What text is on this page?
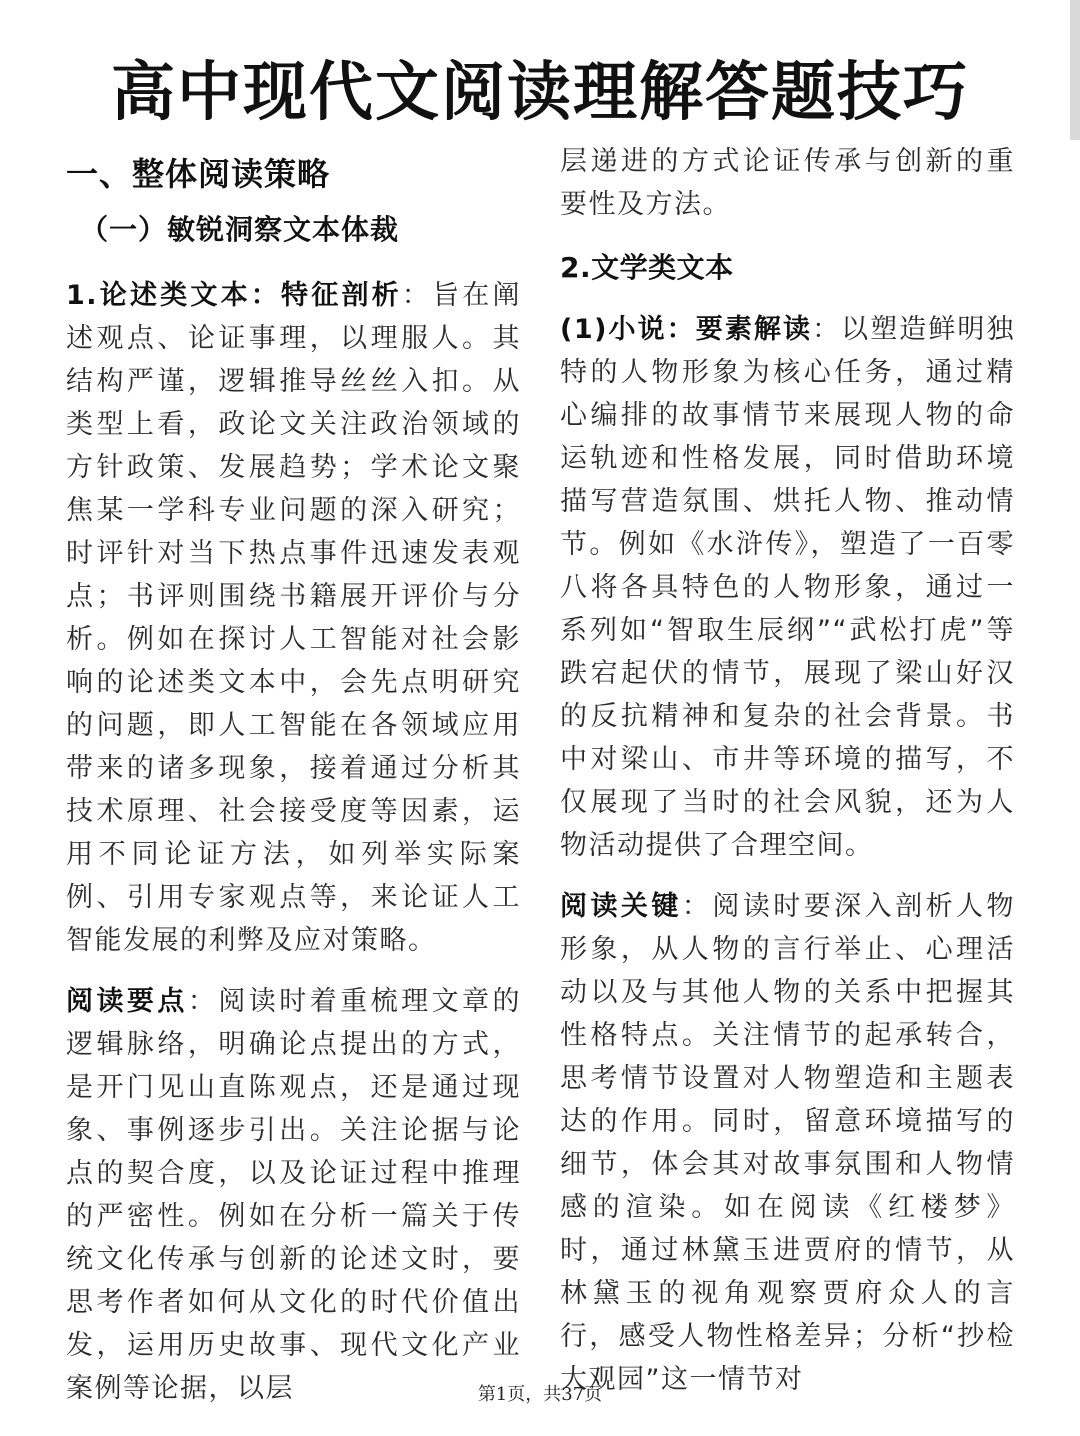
高中现代文阅读理解答题技巧
一、整体阅读策略
（一）敏锐洞察文本体裁

1.论述类文本：特征剖析：旨在阐述观点、论证事理，以理服人。其结构严谨，逻辑推导丝丝入扣。从类型上看，政论文关注政治领域的方针政策、发展趋势；学术论文聚焦某一学科专业问题的深入研究；时评针对当下热点事件迅速发表观点；书评则围绕书籍展开评价与分析。例如在探讨人工智能对社会影响的论述类文本中，会先点明研究的问题，即人工智能在各领域应用带来的诸多现象，接着通过分析其技术原理、社会接受度等因素，运用不同论证方法，如列举实际案例、引用专家观点等，来论证人工智能发展的利弊及应对策略。

阅读要点：阅读时着重梳理文章的逻辑脉络，明确论点提出的方式，是开门见山直陈观点，还是通过现象、事例逐步引出。关注论据与论点的契合度，以及论证过程中推理的严密性。例如在分析一篇关于传统文化传承与创新的论述文时，要思考作者如何从文化的时代价值出发，运用历史故事、现代文化产业案例等论据，以层

层递进的方式论证传承与创新的重要性及方法。

2.文学类文本

(1)小说：要素解读：以塑造鲜明独特的人物形象为核心任务，通过精心编排的故事情节来展现人物的命运轨迹和性格发展，同时借助环境描写营造氛围、烘托人物、推动情节。例如《水浒传》，塑造了一百零八将各具特色的人物形象，通过一系列如“智取生辰纲”“武松打虎”等跌宕起伏的情节，展现了梁山好汉的反抗精神和复杂的社会背景。书中对梁山、市井等环境的描写，不仅展现了当时的社会风貌，还为人物活动提供了合理空间。

阅读关键：阅读时要深入剖析人物形象，从人物的言行举止、心理活动以及与其他人物的关系中把握其性格特点。关注情节的起承转合，思考情节设置对人物塑造和主题表达的作用。同时，留意环境描写的细节，体会其对故事氛围和人物情感的渲染。如在阅读《红楼梦》时，通过林黛玉进贾府的情节，从林黛玉的视角观察贾府众人的言行，感受人物性格差异；分析“抄检大观园”这一情节对

第1页，共37页
